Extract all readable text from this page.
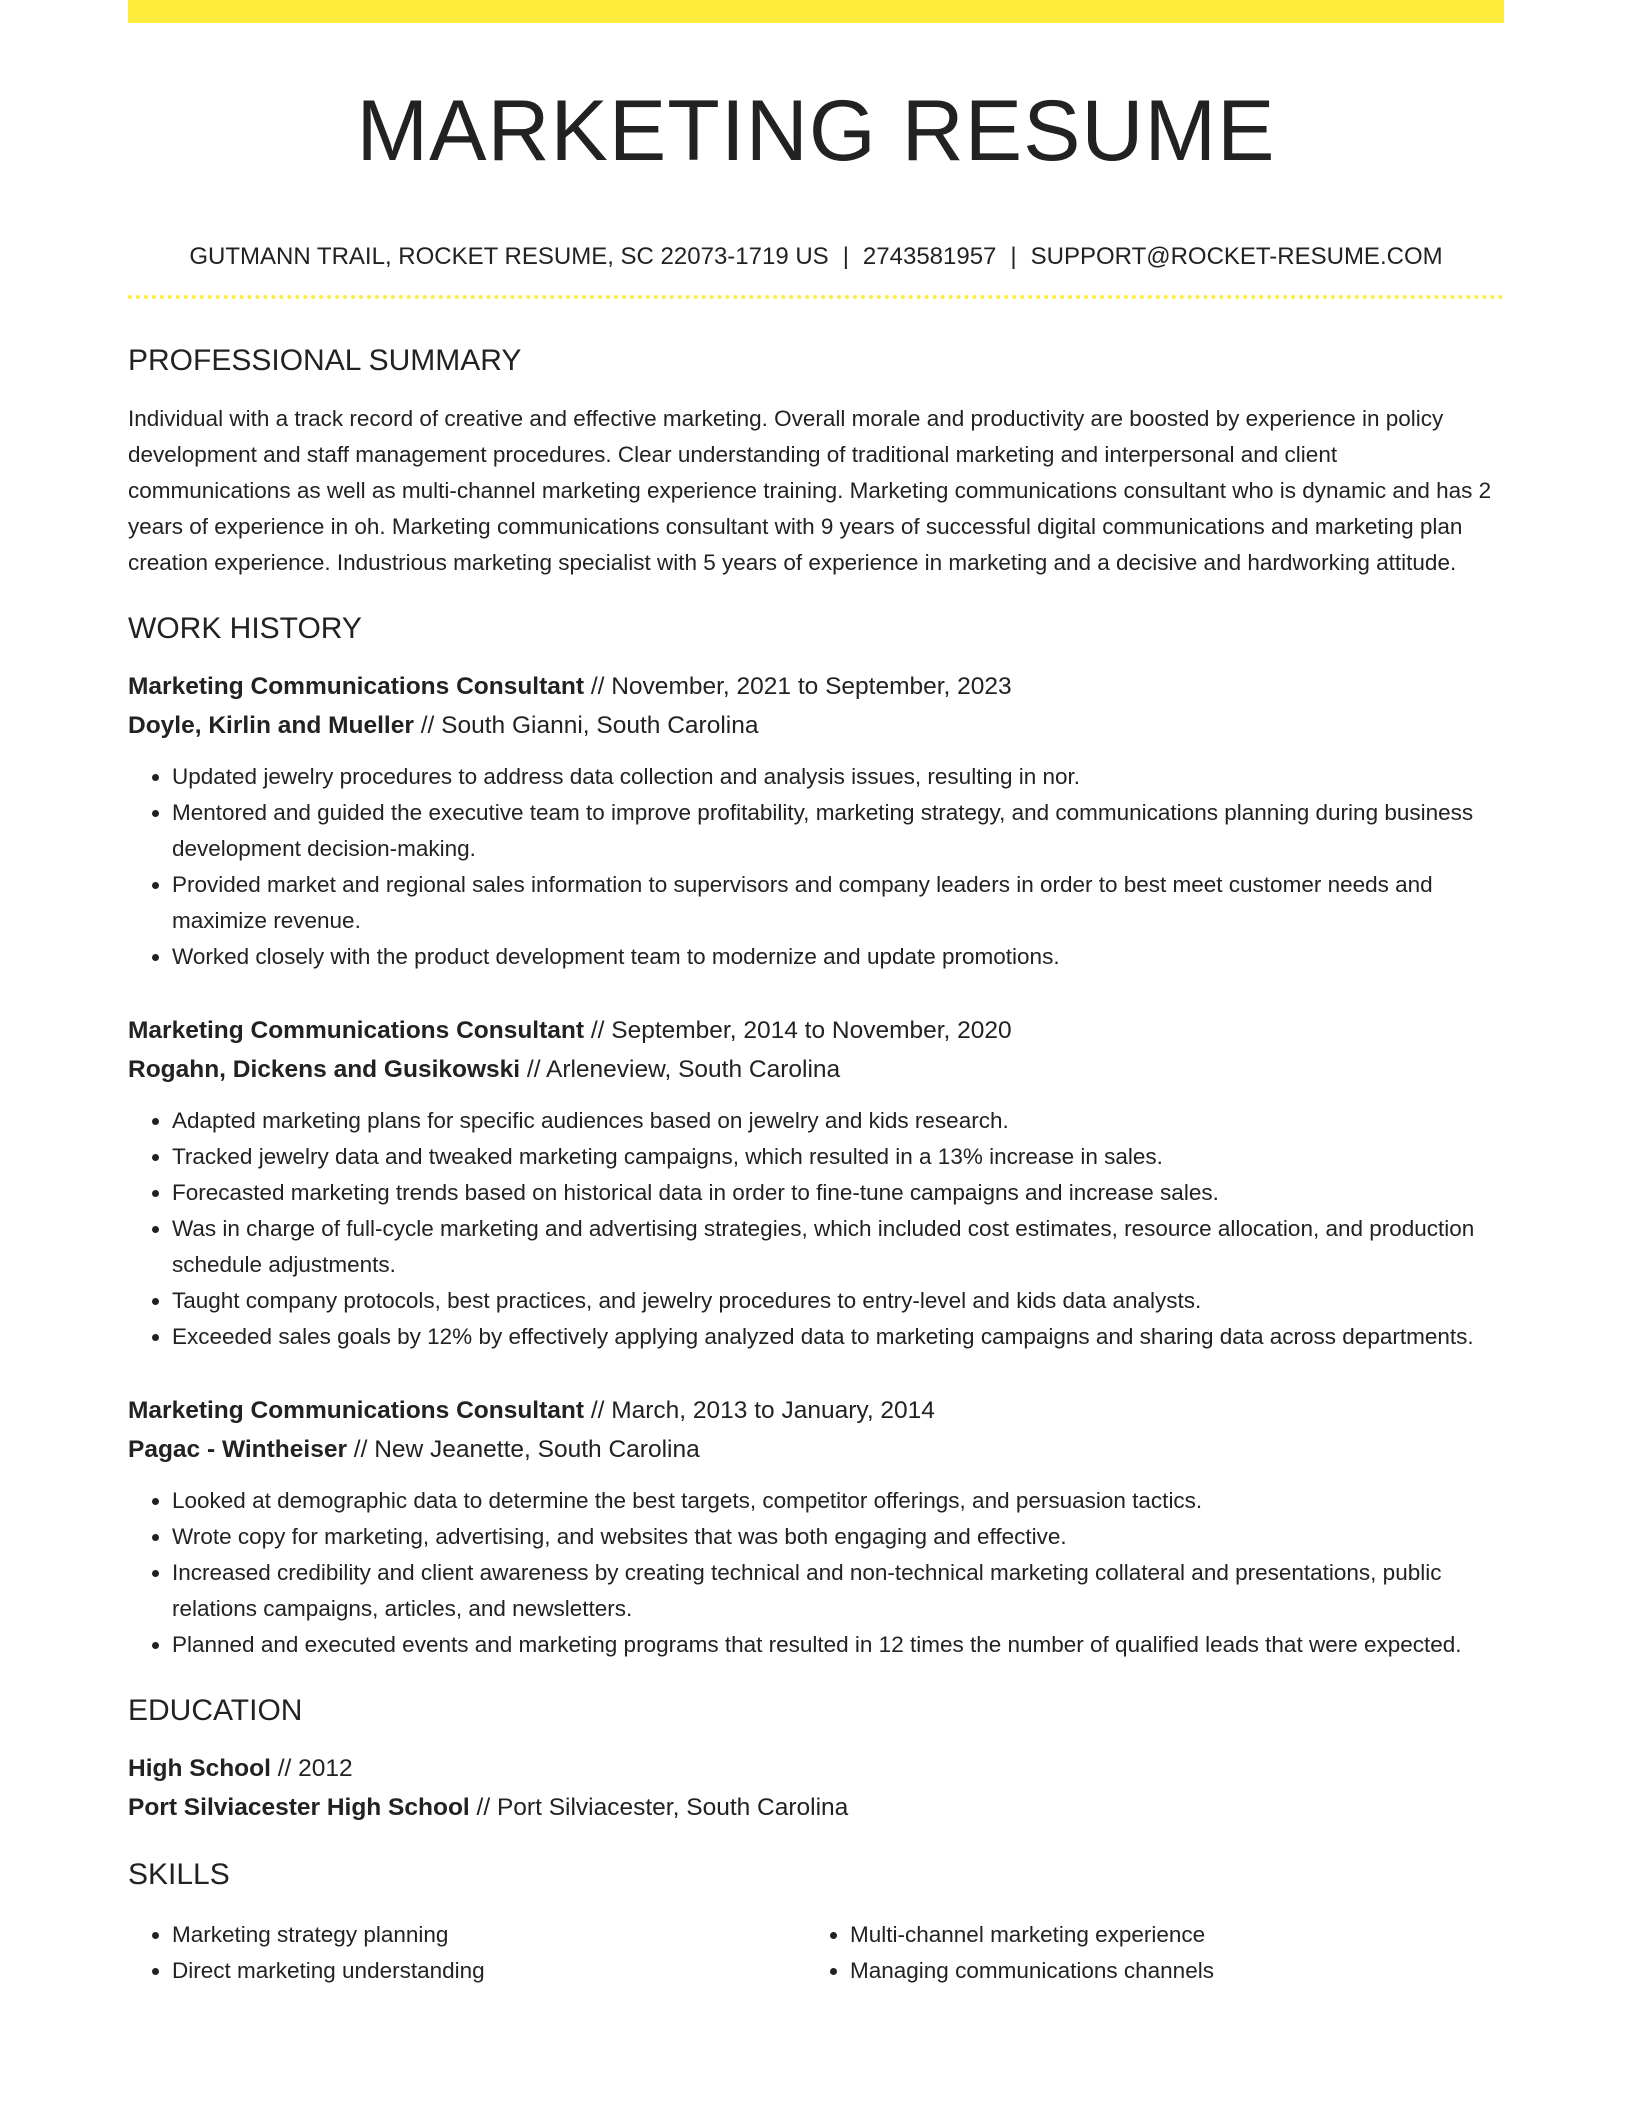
MARKETING RESUME
GUTMANN TRAIL, ROCKET RESUME, SC 22073-1719 US | 2743581957 | SUPPORT@ROCKET-RESUME.COM
PROFESSIONAL SUMMARY

Individual with a track record of creative and effective marketing. Overall morale and productivity are boosted by experience in policy development and staff management procedures. Clear understanding of traditional marketing and interpersonal and client communications as well as multi-channel marketing experience training. Marketing communications consultant who is dynamic and has 2 years of experience in oh. Marketing communications consultant with 9 years of successful digital communications and marketing plan creation experience. Industrious marketing specialist with 5 years of experience in marketing and a decisive and hardworking attitude.

WORK HISTORY
Marketing Communications Consultant // November, 2021 to September, 2023
Doyle, Kirlin and Mueller // South Gianni, South Carolina
• Updated jewelry procedures to address data collection and analysis issues, resulting in nor.
• Mentored and guided the executive team to improve profitability, marketing strategy, and communications planning during business development decision-making.
• Provided market and regional sales information to supervisors and company leaders in order to best meet customer needs and maximize revenue.
• Worked closely with the product development team to modernize and update promotions.
Marketing Communications Consultant // September, 2014 to November, 2020
Rogahn, Dickens and Gusikowski // Arleneview, South Carolina
• Adapted marketing plans for specific audiences based on jewelry and kids research.
• Tracked jewelry data and tweaked marketing campaigns, which resulted in a 13% increase in sales.
• Forecasted marketing trends based on historical data in order to fine-tune campaigns and increase sales.
• Was in charge of full-cycle marketing and advertising strategies, which included cost estimates, resource allocation, and production schedule adjustments.
• Taught company protocols, best practices, and jewelry procedures to entry-level and kids data analysts.
• Exceeded sales goals by 12% by effectively applying analyzed data to marketing campaigns and sharing data across departments.
Marketing Communications Consultant // March, 2013 to January, 2014
Pagac - Wintheiser // New Jeanette, South Carolina
• Looked at demographic data to determine the best targets, competitor offerings, and persuasion tactics.
• Wrote copy for marketing, advertising, and websites that was both engaging and effective.
• Increased credibility and client awareness by creating technical and non-technical marketing collateral and presentations, public relations campaigns, articles, and newsletters.
• Planned and executed events and marketing programs that resulted in 12 times the number of qualified leads that were expected.
EDUCATION
High School // 2012
Port Silviacester High School // Port Silviacester, South Carolina
SKILLS
• Marketing strategy planning
• Direct marketing understanding
• Multi-channel marketing experience
• Managing communications channels
